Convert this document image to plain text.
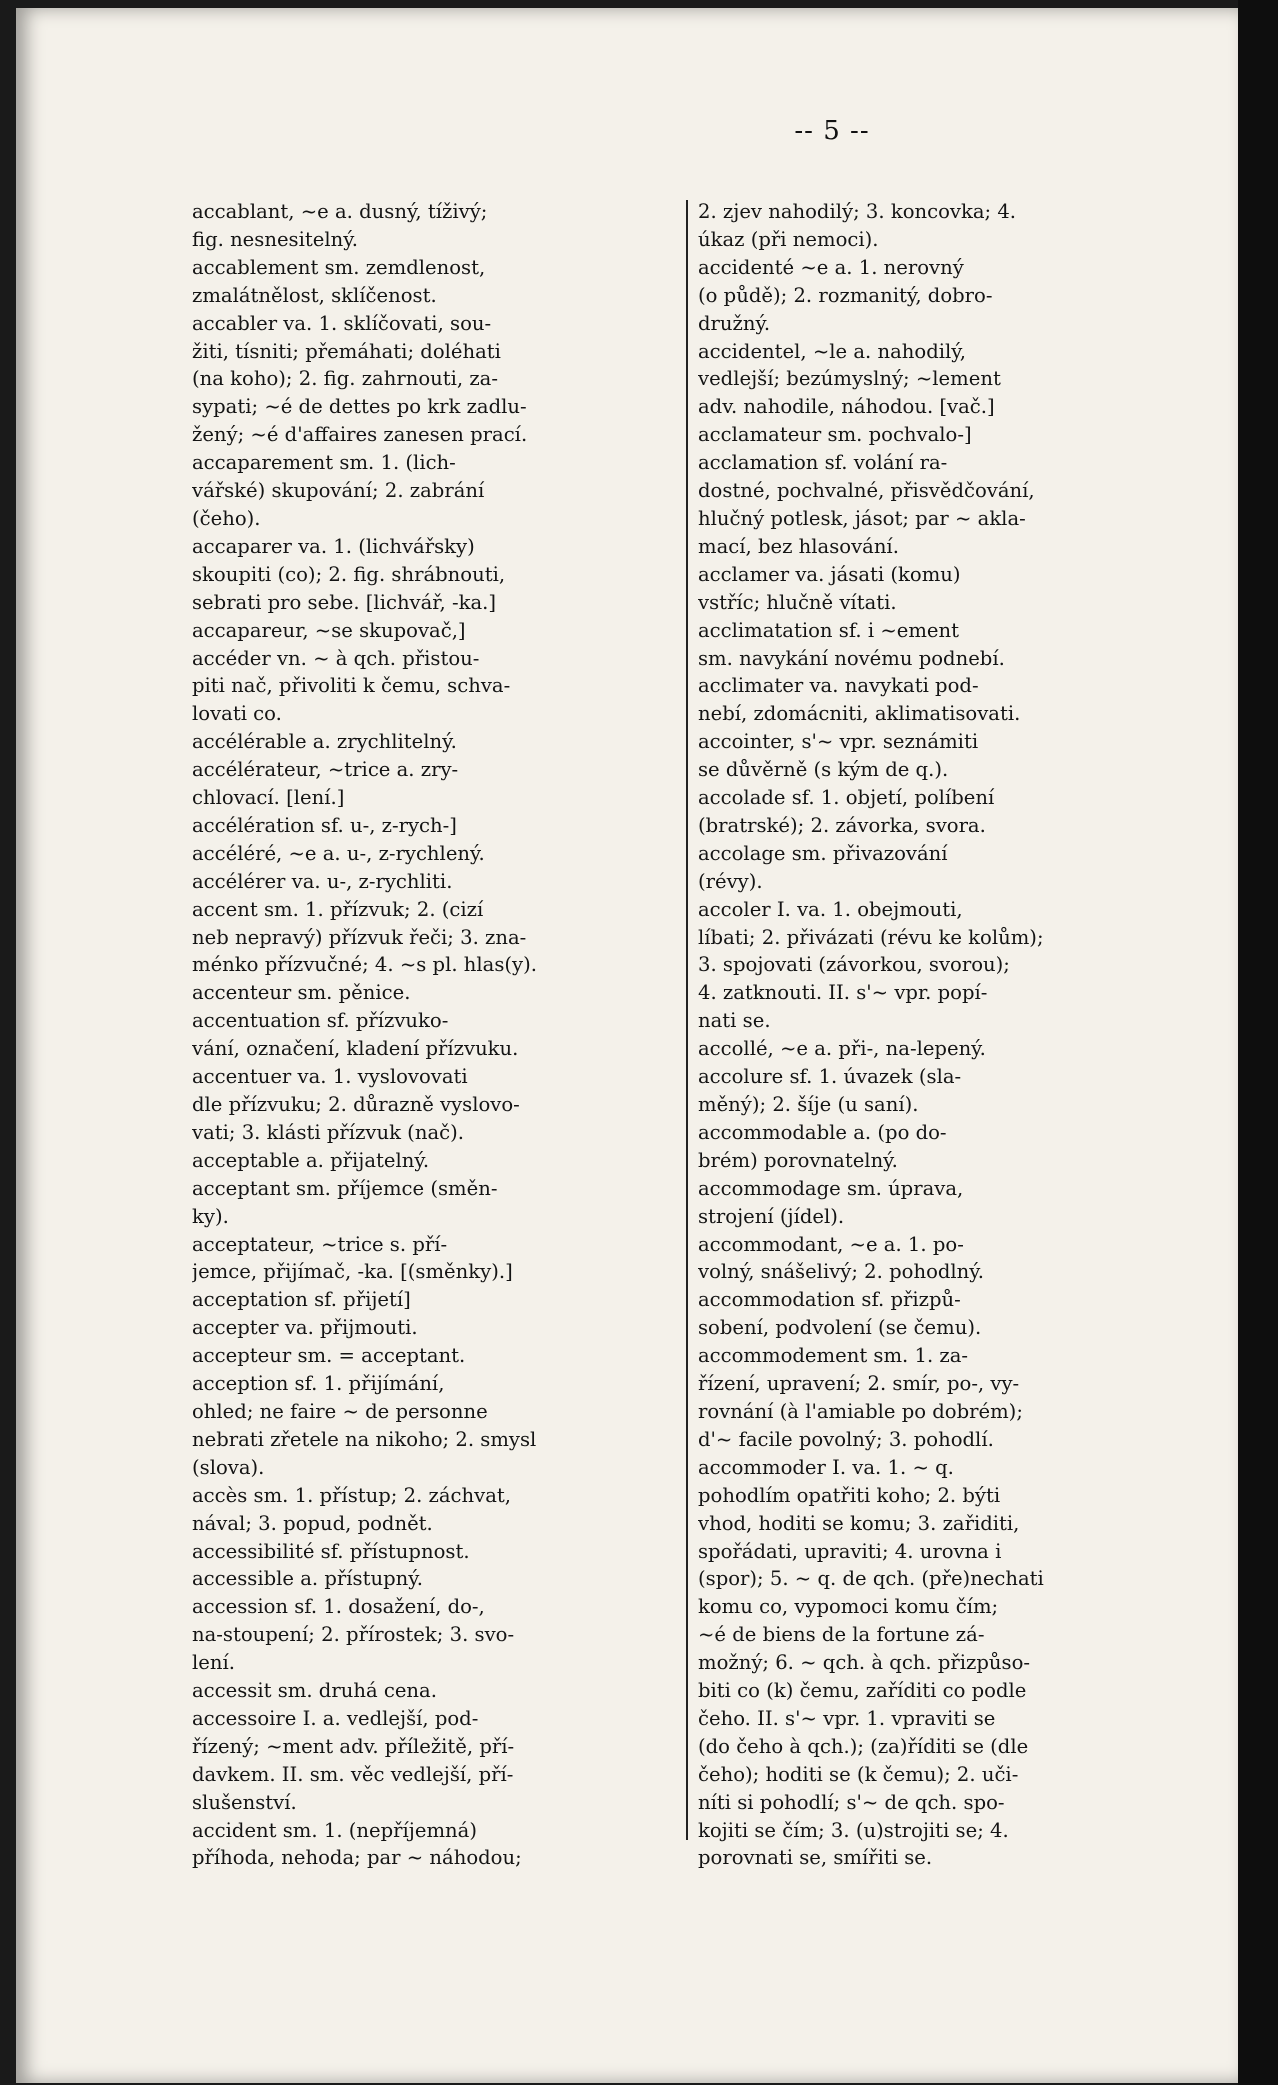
-- 5 --
accablant, ~e a. dusný, tíživý;
fig. nesnesitelný.
accablement sm. zemdlenost,
zmalátnělost, sklíčenost.
accabler va. 1. sklíčovati, sou-
žiti, tísniti; přemáhati; doléhati
(na koho); 2. fig. zahrnouti, za-
sypati; ~é de dettes po krk zadlu-
žený; ~é d'affaires zanesen prací.
accaparement sm. 1. (lich-
vářské) skupování; 2. zabrání
(čeho).
accaparer va. 1. (lichvářsky)
skoupiti (co); 2. fig. shrábnouti,
sebrati pro sebe. [lichvář, -ka.]
accapareur, ~se skupovač,]
accéder vn. ~ à qch. přistou-
piti nač, přivoliti k čemu, schva-
lovati co.
accélérable a. zrychlitelný.
accélérateur, ~trice a. zry-
chlovací. [lení.]
accélération sf. u-, z-rych-]
accéléré, ~e a. u-, z-rychlený.
accélérer va. u-, z-rychliti.
accent sm. 1. přízvuk; 2. (cizí
neb nepravý) přízvuk řeči; 3. zna-
ménko přízvučné; 4. ~s pl. hlas(y).
accenteur sm. pěnice.
accentuation sf. přízvuko-
vání, označení, kladení přízvuku.
accentuer va. 1. vyslovovati
dle přízvuku; 2. důrazně vyslovo-
vati; 3. klásti přízvuk (nač).
acceptable a. přijatelný.
acceptant sm. příjemce (směn-
ky).
acceptateur, ~trice s. pří-
jemce, přijímač, -ka. [(směnky).]
acceptation sf. přijetí]
accepter va. přijmouti.
accepteur sm. = acceptant.
acception sf. 1. přijímání,
ohled; ne faire ~ de personne
nebrati zřetele na nikoho; 2. smysl
(slova).
accès sm. 1. přístup; 2. záchvat,
nával; 3. popud, podnět.
accessibilité sf. přístupnost.
accessible a. přístupný.
accession sf. 1. dosažení, do-,
na-stoupení; 2. přírostek; 3. svo-
lení.
accessit sm. druhá cena.
accessoire I. a. vedlejší, pod-
řízený; ~ment adv. příležitě, pří-
davkem. II. sm. věc vedlejší, pří-
slušenství.
accident sm. 1. (nepříjemná)
příhoda, nehoda; par ~ náhodou;
2. zjev nahodilý; 3. koncovka; 4.
úkaz (při nemoci).
accidenté ~e a. 1. nerovný
(o půdě); 2. rozmanitý, dobro-
družný.
accidentel, ~le a. nahodilý,
vedlejší; bezúmyslný; ~lement
adv. nahodile, náhodou. [vač.]
acclamateur sm. pochvalo-]
acclamation sf. volání ra-
dostné, pochvalné, přisvědčování,
hlučný potlesk, jásot; par ~ akla-
mací, bez hlasování.
acclamer va. jásati (komu)
vstříc; hlučně vítati.
acclimatation sf. i ~ement
sm. navykání novému podnebí.
acclimater va. navykati pod-
nebí, zdomácniti, aklimatisovati.
accointer, s'~ vpr. seznámiti
se důvěrně (s kým de q.).
accolade sf. 1. objetí, políbení
(bratrské); 2. závorka, svora.
accolage sm. přivazování
(révy).
accoler I. va. 1. obejmouti,
líbati; 2. přivázati (révu ke kolům);
3. spojovati (závorkou, svorou);
4. zatknouti. II. s'~ vpr. popí-
nati se.
accollé, ~e a. při-, na-lepený.
accolure sf. 1. úvazek (sla-
měný); 2. šíje (u saní).
accommodable a. (po do-
brém) porovnatelný.
accommodage sm. úprava,
strojení (jídel).
accommodant, ~e a. 1. po-
volný, snášelivý; 2. pohodlný.
accommodation sf. přizpů-
sobení, podvolení (se čemu).
accommodement sm. 1. za-
řízení, upravení; 2. smír, po-, vy-
rovnání (à l'amiable po dobrém);
d'~ facile povolný; 3. pohodlí.
accommoder I. va. 1. ~ q.
pohodlím opatřiti koho; 2. býti
vhod, hoditi se komu; 3. zařiditi,
spořádati, upraviti; 4. urovna i
(spor); 5. ~ q. de qch. (pře)nechati
komu co, vypomoci komu čím;
~é de biens de la fortune zá-
možný; 6. ~ qch. à qch. přizpůso-
biti co (k) čemu, zaříditi co podle
čeho. II. s'~ vpr. 1. vpraviti se
(do čeho à qch.); (za)říditi se (dle
čeho); hoditi se (k čemu); 2. uči-
níti si pohodlí; s'~ de qch. spo-
kojiti se čím; 3. (u)strojiti se; 4.
porovnati se, smířiti se.
